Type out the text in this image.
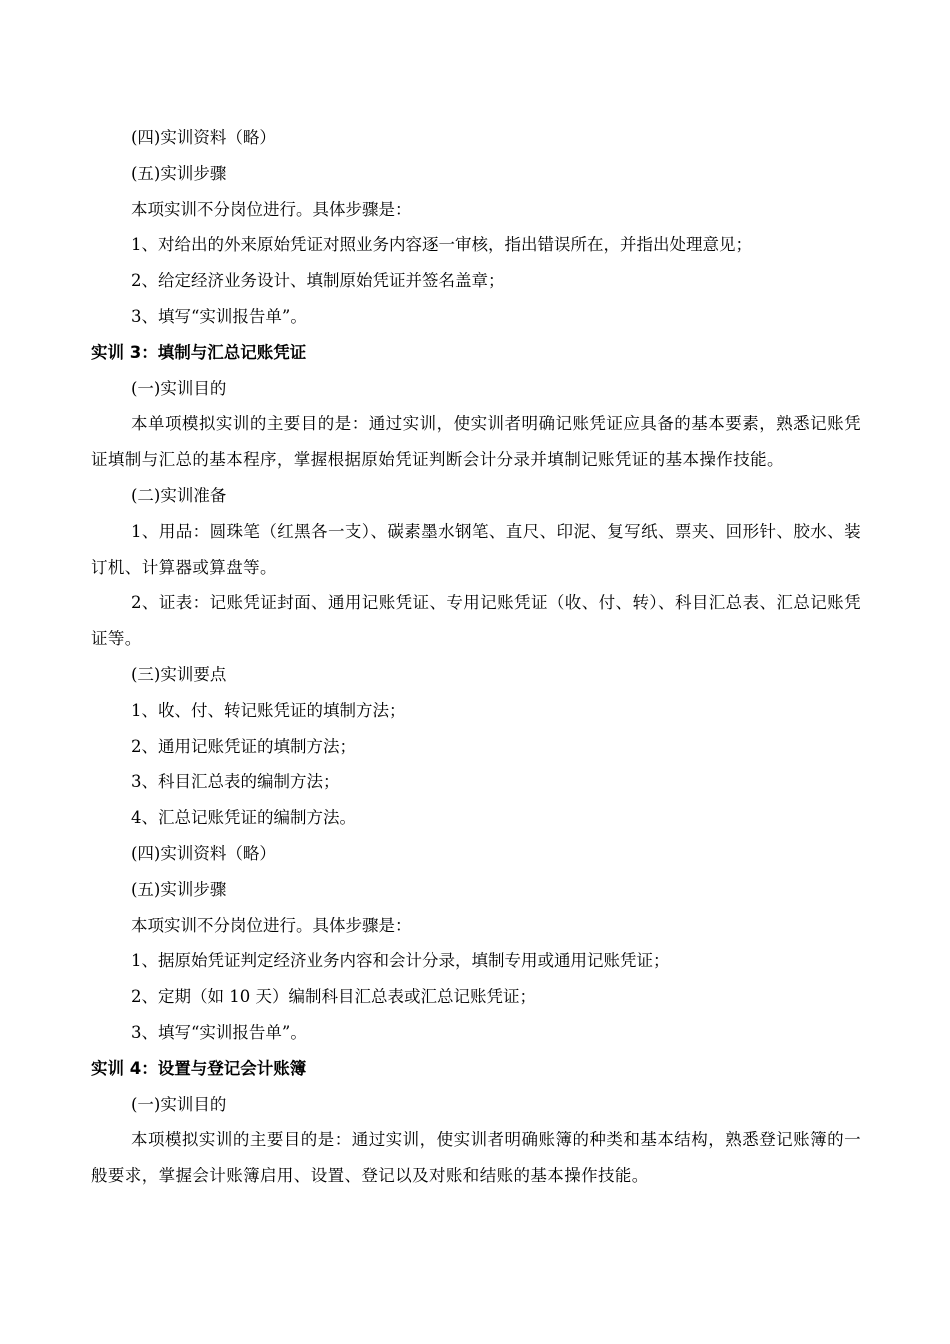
(四)实训资料（略）
(五)实训步骤
本项实训不分岗位进行。具体步骤是：
1、对给出的外来原始凭证对照业务内容逐一审核，指出错误所在，并指出处理意见；
2、给定经济业务设计、填制原始凭证并签名盖章；
3、填写“实训报告单”。
实训 3：填制与汇总记账凭证
(一)实训目的
本单项模拟实训的主要目的是：通过实训，使实训者明确记账凭证应具备的基本要素，熟悉记账凭证填制与汇总的基本程序，掌握根据原始凭证判断会计分录并填制记账凭证的基本操作技能。
(二)实训准备
1、用品：圆珠笔（红黑各一支）、碳素墨水钢笔、直尺、印泥、复写纸、票夹、回形针、胶水、装订机、计算器或算盘等。
2、证表：记账凭证封面、通用记账凭证、专用记账凭证（收、付、转）、科目汇总表、汇总记账凭证等。
(三)实训要点
1、收、付、转记账凭证的填制方法；
2、通用记账凭证的填制方法；
3、科目汇总表的编制方法；
4、汇总记账凭证的编制方法。
(四)实训资料（略）
(五)实训步骤
本项实训不分岗位进行。具体步骤是：
1、据原始凭证判定经济业务内容和会计分录，填制专用或通用记账凭证；
2、定期（如 10 天）编制科目汇总表或汇总记账凭证；
3、填写“实训报告单”。
实训 4：设置与登记会计账簿
(一)实训目的
本项模拟实训的主要目的是：通过实训，使实训者明确账簿的种类和基本结构，熟悉登记账簿的一般要求，掌握会计账簿启用、设置、登记以及对账和结账的基本操作技能。
